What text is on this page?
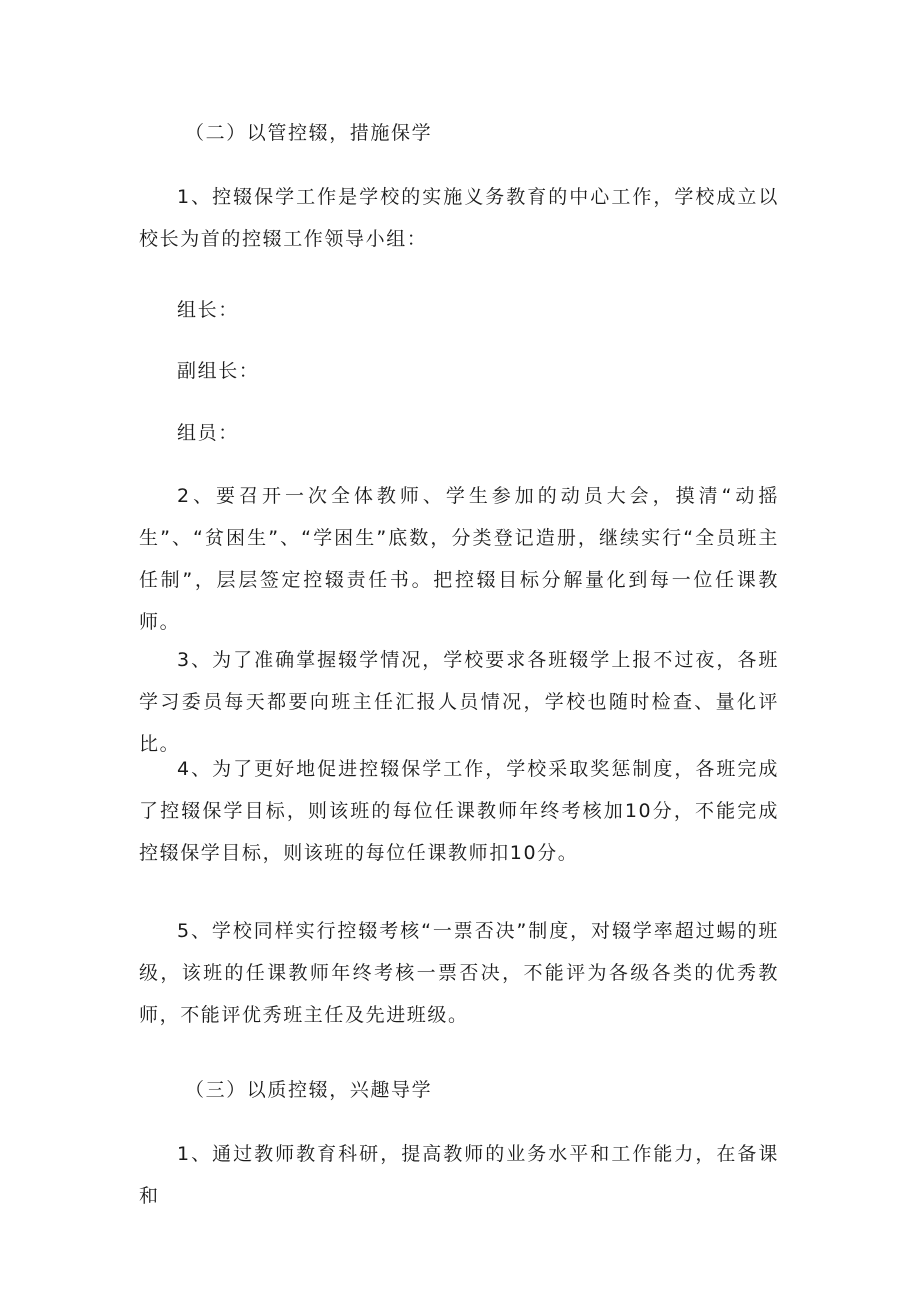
（二）以管控辍，措施保学

1、控辍保学工作是学校的实施义务教育的中心工作，学校成立以校长为首的控辍工作领导小组：

组长：

副组长：

组员：

2、要召开一次全体教师、学生参加的动员大会，摸清“动摇生”、“贫困生”、“学困生”底数，分类登记造册，继续实行“全员班主任制”，层层签定控辍责任书。把控辍目标分解量化到每一位任课教师。

3、为了准确掌握辍学情况，学校要求各班辍学上报不过夜，各班学习委员每天都要向班主任汇报人员情况，学校也随时检查、量化评比。

4、为了更好地促进控辍保学工作，学校采取奖惩制度，各班完成了控辍保学目标，则该班的每位任课教师年终考核加10分，不能完成控辍保学目标，则该班的每位任课教师扣10分。

5、学校同样实行控辍考核“一票否决”制度，对辍学率超过蜴的班级，该班的任课教师年终考核一票否决，不能评为各级各类的优秀教师，不能评优秀班主任及先进班级。

（三）以质控辍，兴趣导学

1、通过教师教育科研，提高教师的业务水平和工作能力，在备课和
